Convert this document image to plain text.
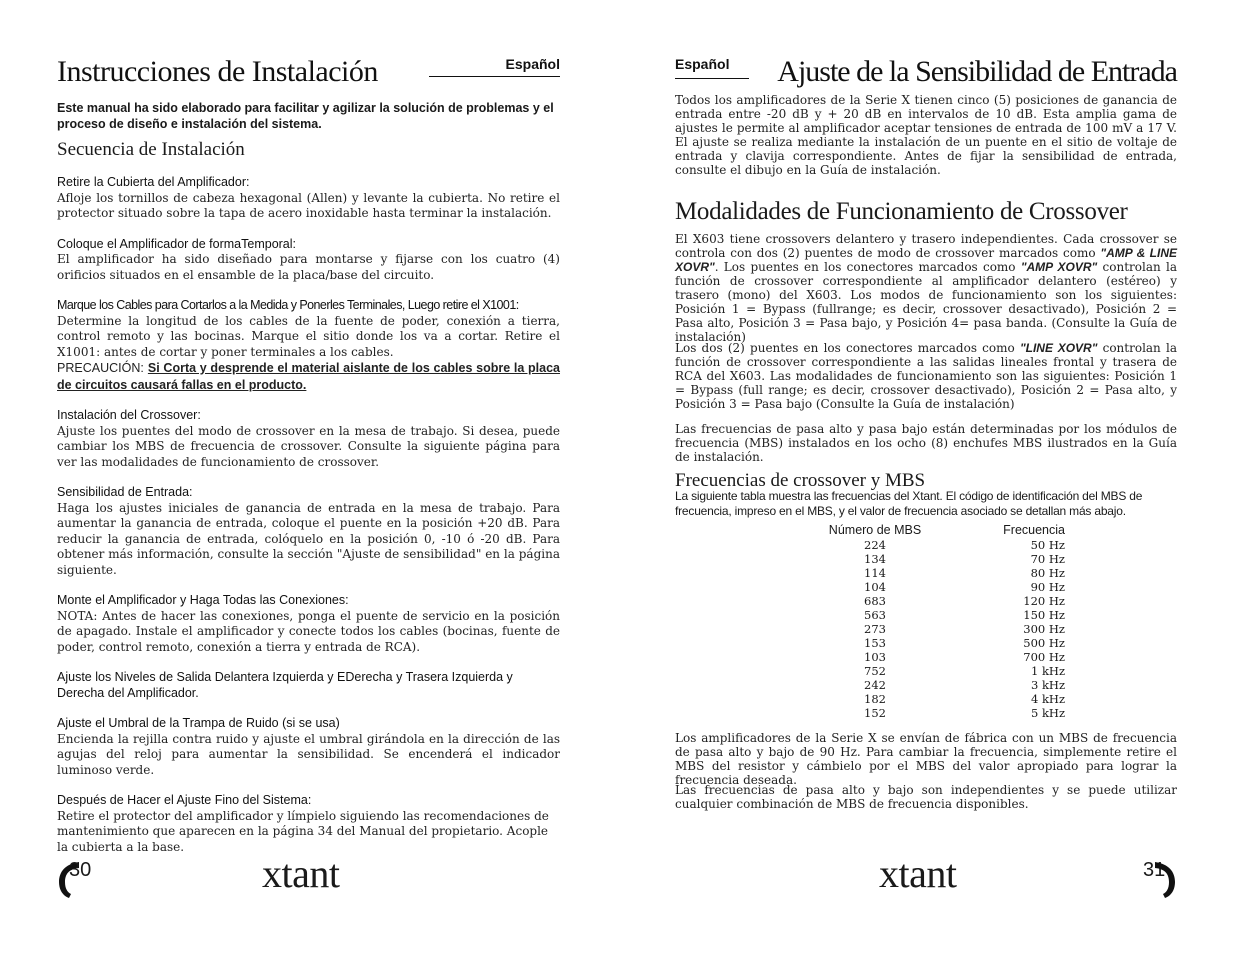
Instrucciones de Instalación	Español

Este manual ha sido elaborado para facilitar y agilizar la solución de problemas y el proceso de diseño e instalación del sistema.

Secuencia de Instalación

Retire la Cubierta del Amplificador:

Afloje los tornillos de cabeza hexagonal (Allen) y levante la cubierta. No retire el protector situado sobre la tapa de acero inoxidable hasta terminar la instalación.

Coloque el Amplificador de formaTemporal:

El amplificador ha sido diseñado para montarse y fijarse con los cuatro (4) orificios situados en el ensamble de la placa/base del circuito.

Marque los Cables para Cortarlos a la Medida y Ponerles Terminales, Luego retire el X1001:

Determine la longitud de los cables de la fuente de poder, conexión a tierra, control remoto y las bocinas. Marque el sitio donde los va a cortar. Retire el X1001: antes de cortar y poner terminales a los cables.

PRECAUCIÓN: Si Corta y desprende el material aislante de los cables sobre la placa de circuitos causará fallas en el producto.

Instalación del Crossover:

Ajuste los puentes del modo de crossover en la mesa de trabajo. Si desea, puede cambiar los MBS de frecuencia de crossover. Consulte la siguiente página para ver las modalidades de funcionamiento de crossover.

Sensibilidad de Entrada:

Haga los ajustes iniciales de ganancia de entrada en la mesa de trabajo. Para aumentar la ganancia de entrada, coloque el puente en la posición +20 dB. Para reducir la ganancia de entrada, colóquelo en la posición 0, -10 ó -20 dB. Para obtener más información, consulte la sección "Ajuste de sensibilidad" en la página siguiente.

Monte el Amplificador y Haga Todas las Conexiones:

NOTA: Antes de hacer las conexiones, ponga el puente de servicio en la posición de apagado. Instale el amplificador y conecte todos los cables (bocinas, fuente de poder, control remoto, conexión a tierra y entrada de RCA).

Ajuste los Niveles de Salida Delantera Izquierda y EDerecha y Trasera Izquierda y Derecha del Amplificador.

Ajuste el Umbral de la Trampa de Ruido (si se usa)

Encienda la rejilla contra ruido y ajuste el umbral girándola en la dirección de las agujas del reloj para aumentar la sensibilidad. Se encenderá el indicador luminoso verde.

Después de Hacer el Ajuste Fino del Sistema:

Retire el protector del amplificador y límpielo siguiendo las recomendaciones de mantenimiento que aparecen en la página 34 del Manual del propietario. Acople la cubierta a la base.

30	xtant
Español Ajuste de la Sensibilidad de Entrada

Todos los amplificadores de la Serie X tienen cinco (5) posiciones de ganancia de entrada entre -20 dB y + 20 dB en intervalos de 10 dB. Esta amplia gama de ajustes le permite al amplificador aceptar tensiones de entrada de 100 mV a 17 V. El ajuste se realiza mediante la instalación de un puente en el sitio de voltaje de entrada y clavija correspondiente. Antes de fijar la sensibilidad de entrada, consulte el dibujo en la Guía de instalación.

Modalidades de Funcionamiento de Crossover

El X603 tiene crossovers delantero y trasero independientes. Cada crossover se controla con dos (2) puentes de modo de crossover marcados como "AMP & LINE XOVR". Los puentes en los conectores marcados como "AMP XOVR" controlan la función de crossover correspondiente al amplificador delantero (estéreo) y trasero (mono) del X603. Los modos de funcionamiento son los siguientes: Posición 1 = Bypass (fullrange; es decir, crossover desactivado), Posición 2 = Pasa alto, Posición 3 = Pasa bajo, y Posición 4= pasa banda. (Consulte la Guía de instalación)

Los dos (2) puentes en los conectores marcados como "LINE XOVR" controlan la función de crossover correspondiente a las salidas lineales frontal y trasera de RCA del X603. Las modalidades de funcionamiento son las siguientes: Posición 1 = Bypass (full range; es decir, crossover desactivado), Posición 2 = Pasa alto, y Posición 3 = Pasa bajo (Consulte la Guía de instalación)

Las frecuencias de pasa alto y pasa bajo están determinadas por los módulos de frecuencia (MBS) instalados en los ocho (8) enchufes MBS ilustrados en la Guía de instalación.

Frecuencias de crossover y MBS

La siguiente tabla muestra las frecuencias del Xtant. El código de identificación del MBS de frecuencia, impreso en el MBS, y el valor de frecuencia asociado se detallan más abajo.

Número de MBS	Frecuencia
224	50 Hz
134	70 Hz
114	80 Hz
104	90 Hz
683	120 Hz
563	150 Hz
273	300 Hz
153	500 Hz
103	700 Hz
752	1 kHz
242	3 kHz
182	4 kHz
152	5 kHz

Los amplificadores de la Serie X se envían de fábrica con un MBS de frecuencia de pasa alto y bajo de 90 Hz. Para cambiar la frecuencia, simplemente retire el MBS del resistor y cámbielo por el MBS del valor apropiado para lograr la frecuencia deseada.

Las frecuencias de pasa alto y bajo son independientes y se puede utilizar cualquier combinación de MBS de frecuencia disponibles.

xtant	31
